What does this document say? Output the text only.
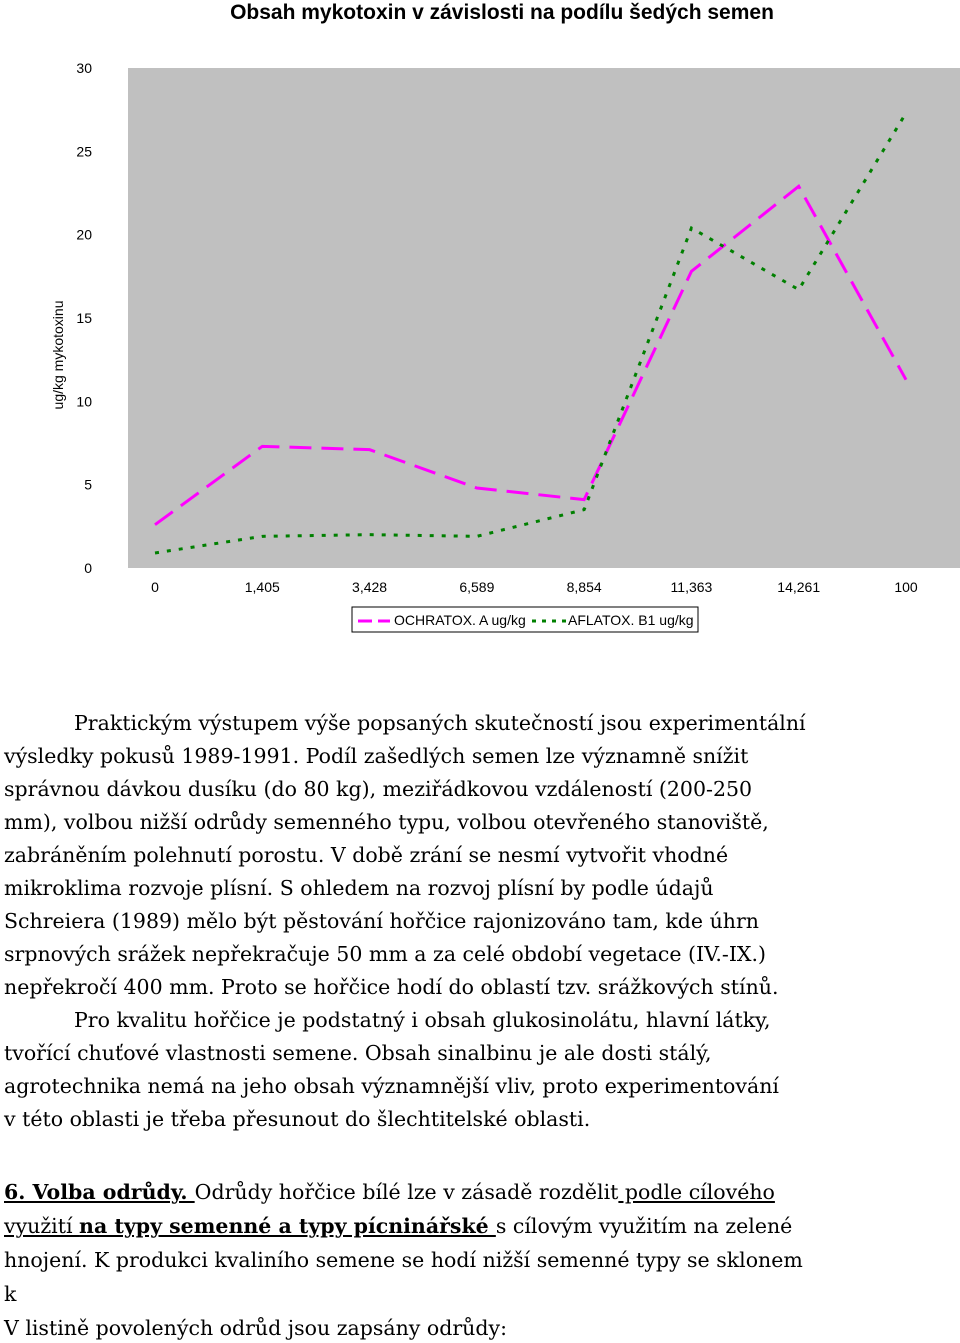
Obsah mykotoxin v závislosti na podílu šedých semen
ug/kg mykotoxinu
0
5
10
15
20
25
30
0	1,405	3,428	6,589	8,854	11,363	14,261	100
OCHRATOX. A ug/kg	AFLATOX. B1 ug/kg
Praktickým výstupem výše popsaných skutečností jsou experimentální
výsledky pokusů 1989-1991. Podíl zašedlých semen lze významně snížit
správnou dávkou dusíku (do 80 kg), meziřádkovou vzdáleností (200-250
mm), volbou nižší odrůdy semenného typu, volbou otevřeného stanoviště,
zabráněním polehnutí porostu. V době zrání se nesmí vytvořit vhodné
mikroklima rozvoje plísní. S ohledem na rozvoj plísní by podle údajů
Schreiera (1989) mělo být pěstování hořčice rajonizováno tam, kde úhrn
srpnových srážek nepřekračuje 50 mm a za celé období vegetace (IV.-IX.)
nepřekročí 400 mm. Proto se hořčice hodí do oblastí tzv. srážkových stínů.
Pro kvalitu hořčice je podstatný i obsah glukosinolátu, hlavní látky,
tvořící chuťové vlastnosti semene. Obsah sinalbinu je ale dosti stálý,
agrotechnika nemá na jeho obsah významnější vliv, proto experimentování
v této oblasti je třeba přesunout do šlechtitelské oblasti.
6. Volba odrůdy. Odrůdy hořčice bílé lze v zásadě rozdělit podle cílového
využití na typy semenné a typy pícninářské s cílovým využitím na zelené
hnojení. K produkci kvaliního semene se hodí nižší semenné typy se sklonem
k
V listině povolených odrůd jsou zapsány odrůdy:
